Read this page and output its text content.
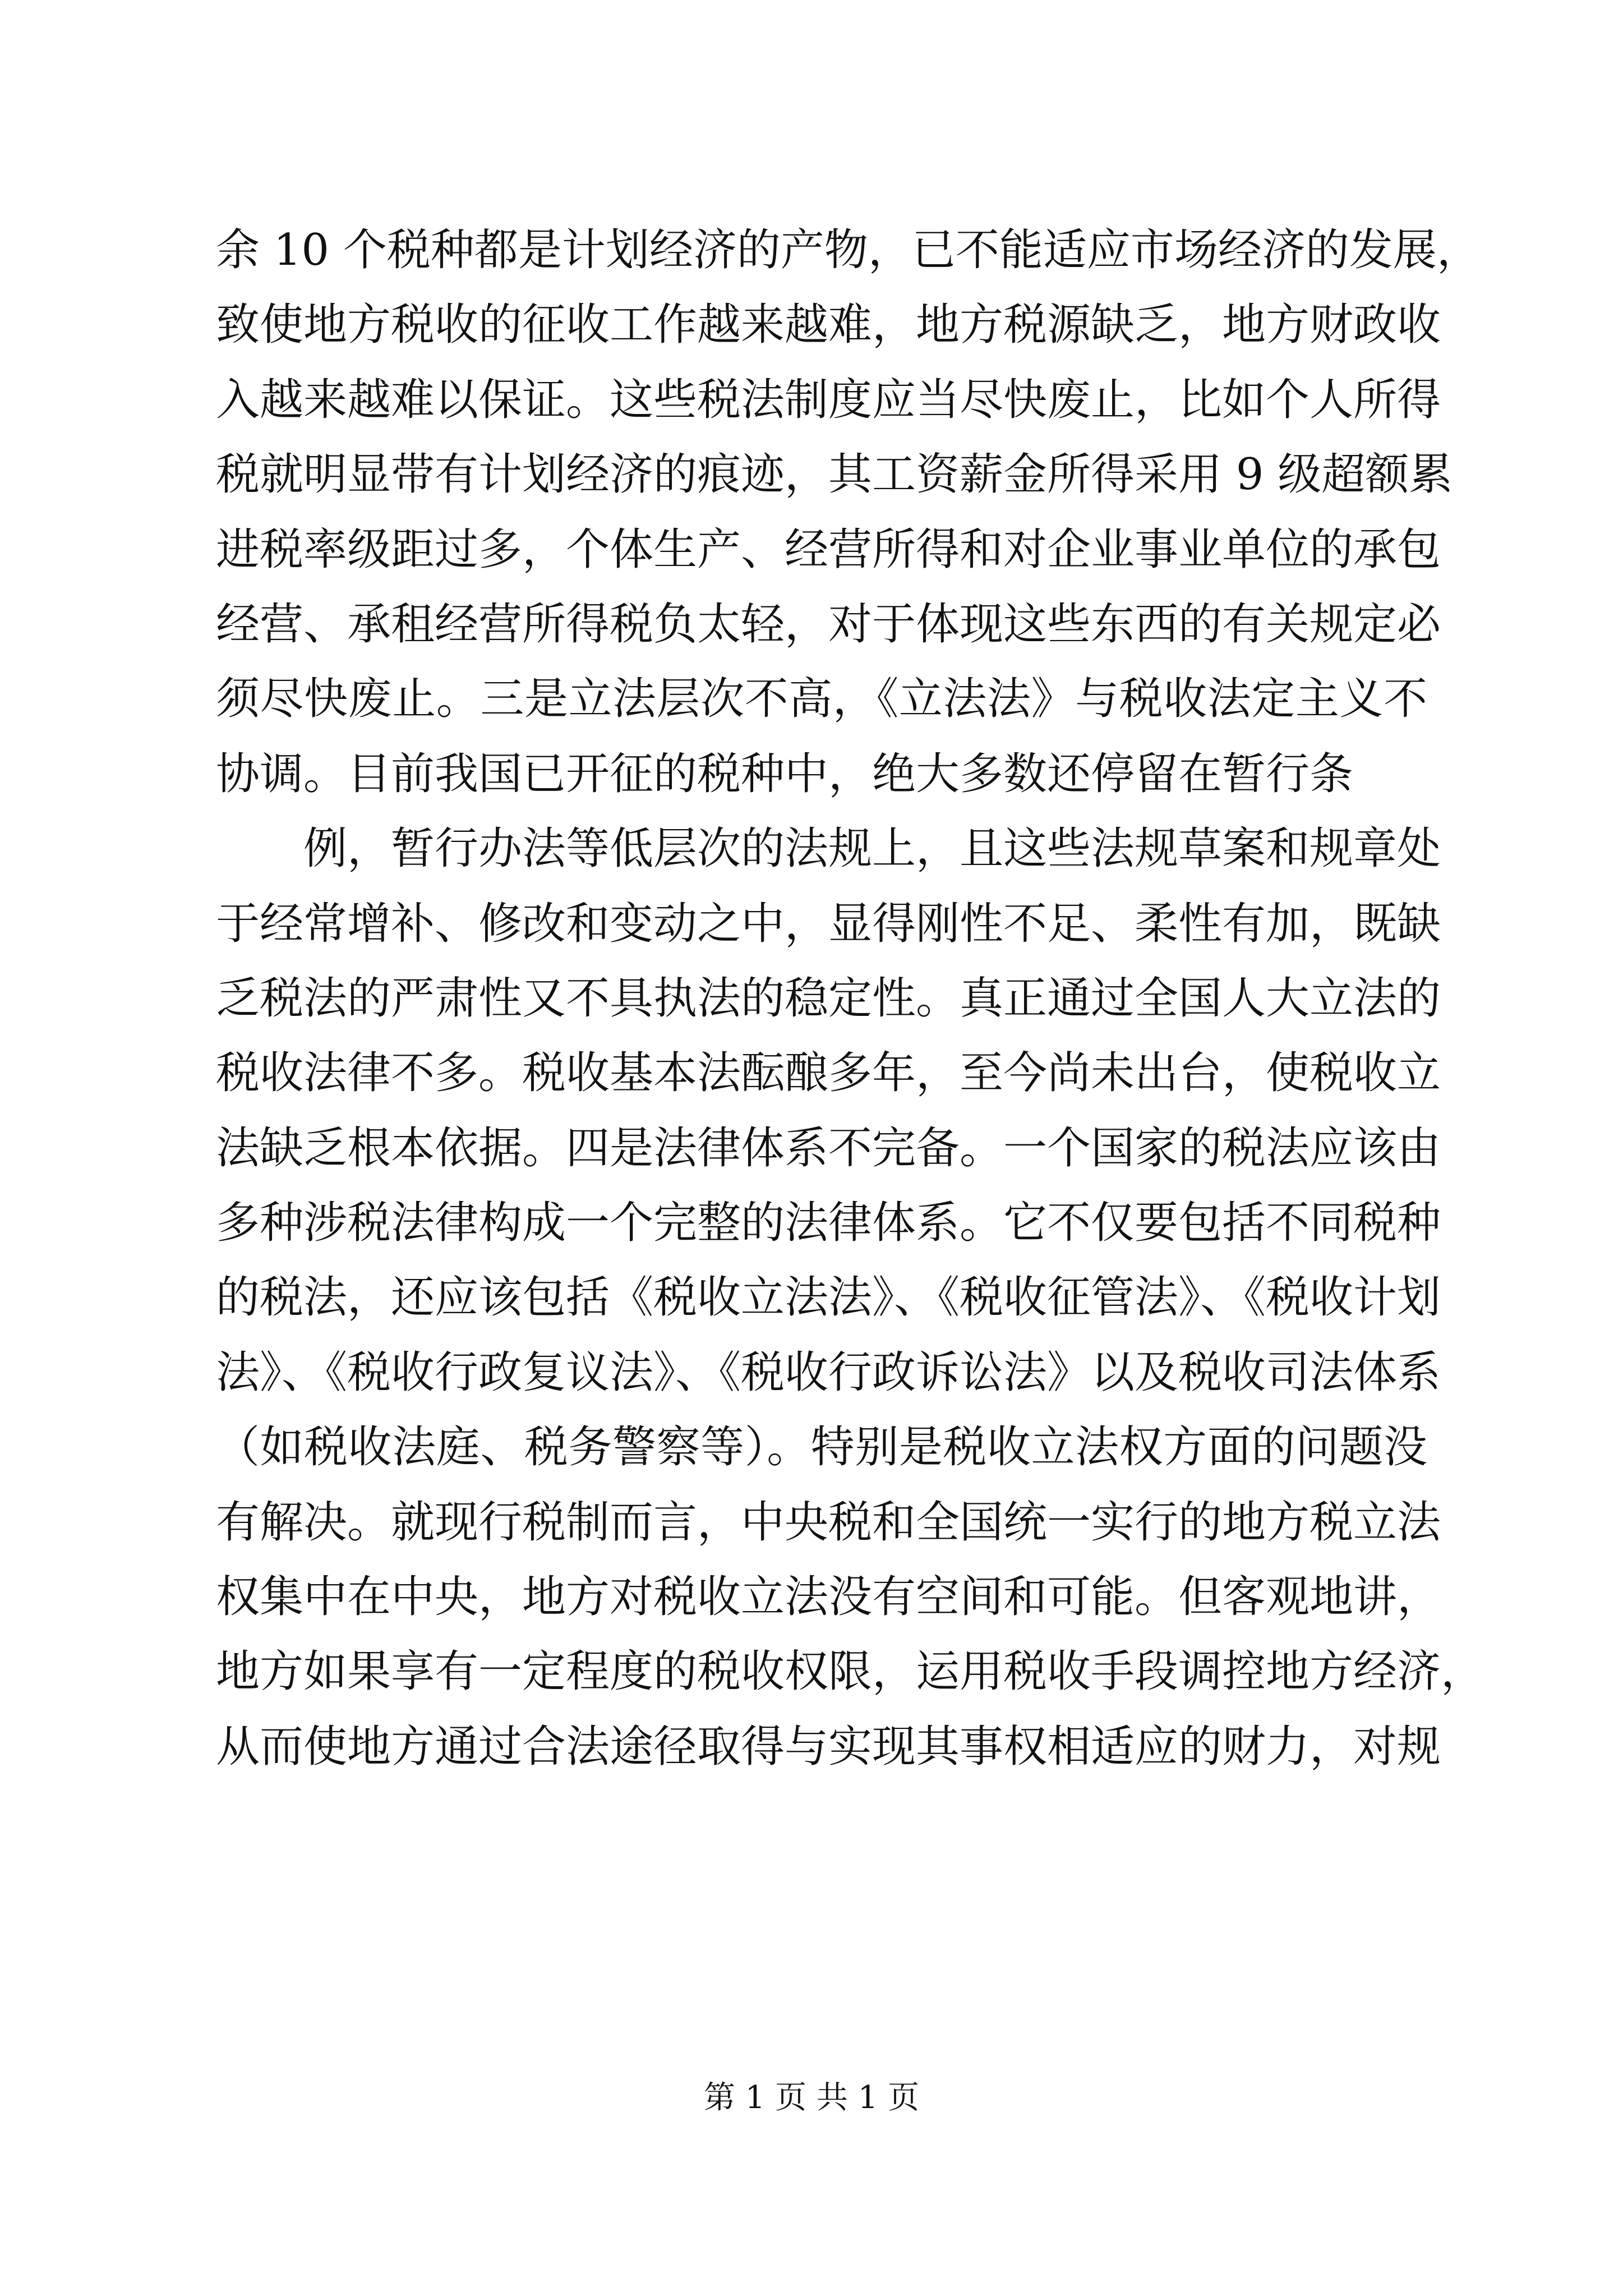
余 10 个税种都是计划经济的产物，已不能适应市场经济的发展，
致使地方税收的征收工作越来越难，地方税源缺乏，地方财政收
入越来越难以保证。这些税法制度应当尽快废止，比如个人所得
税就明显带有计划经济的痕迹，其工资薪金所得采用 9 级超额累
进税率级距过多，个体生产、经营所得和对企业事业单位的承包
经营、承租经营所得税负太轻，对于体现这些东西的有关规定必
须尽快废止。三是立法层次不高，《立法法》与税收法定主义不
协调。目前我国已开征的税种中，绝大多数还停留在暂行条
例，暂行办法等低层次的法规上，且这些法规草案和规章处
于经常增补、修改和变动之中，显得刚性不足、柔性有加，既缺
乏税法的严肃性又不具执法的稳定性。真正通过全国人大立法的
税收法律不多。税收基本法酝酿多年，至今尚未出台，使税收立
法缺乏根本依据。四是法律体系不完备。一个国家的税法应该由
多种涉税法律构成一个完整的法律体系。它不仅要包括不同税种
的税法，还应该包括《税收立法法》、《税收征管法》、《税收计划
法》、《税收行政复议法》、《税收行政诉讼法》以及税收司法体系
（如税收法庭、税务警察等）。特别是税收立法权方面的问题没
有解决。就现行税制而言，中央税和全国统一实行的地方税立法
权集中在中央，地方对税收立法没有空间和可能。但客观地讲，
地方如果享有一定程度的税收权限，运用税收手段调控地方经济，
从而使地方通过合法途径取得与实现其事权相适应的财力，对规
第 1 页 共 1 页
